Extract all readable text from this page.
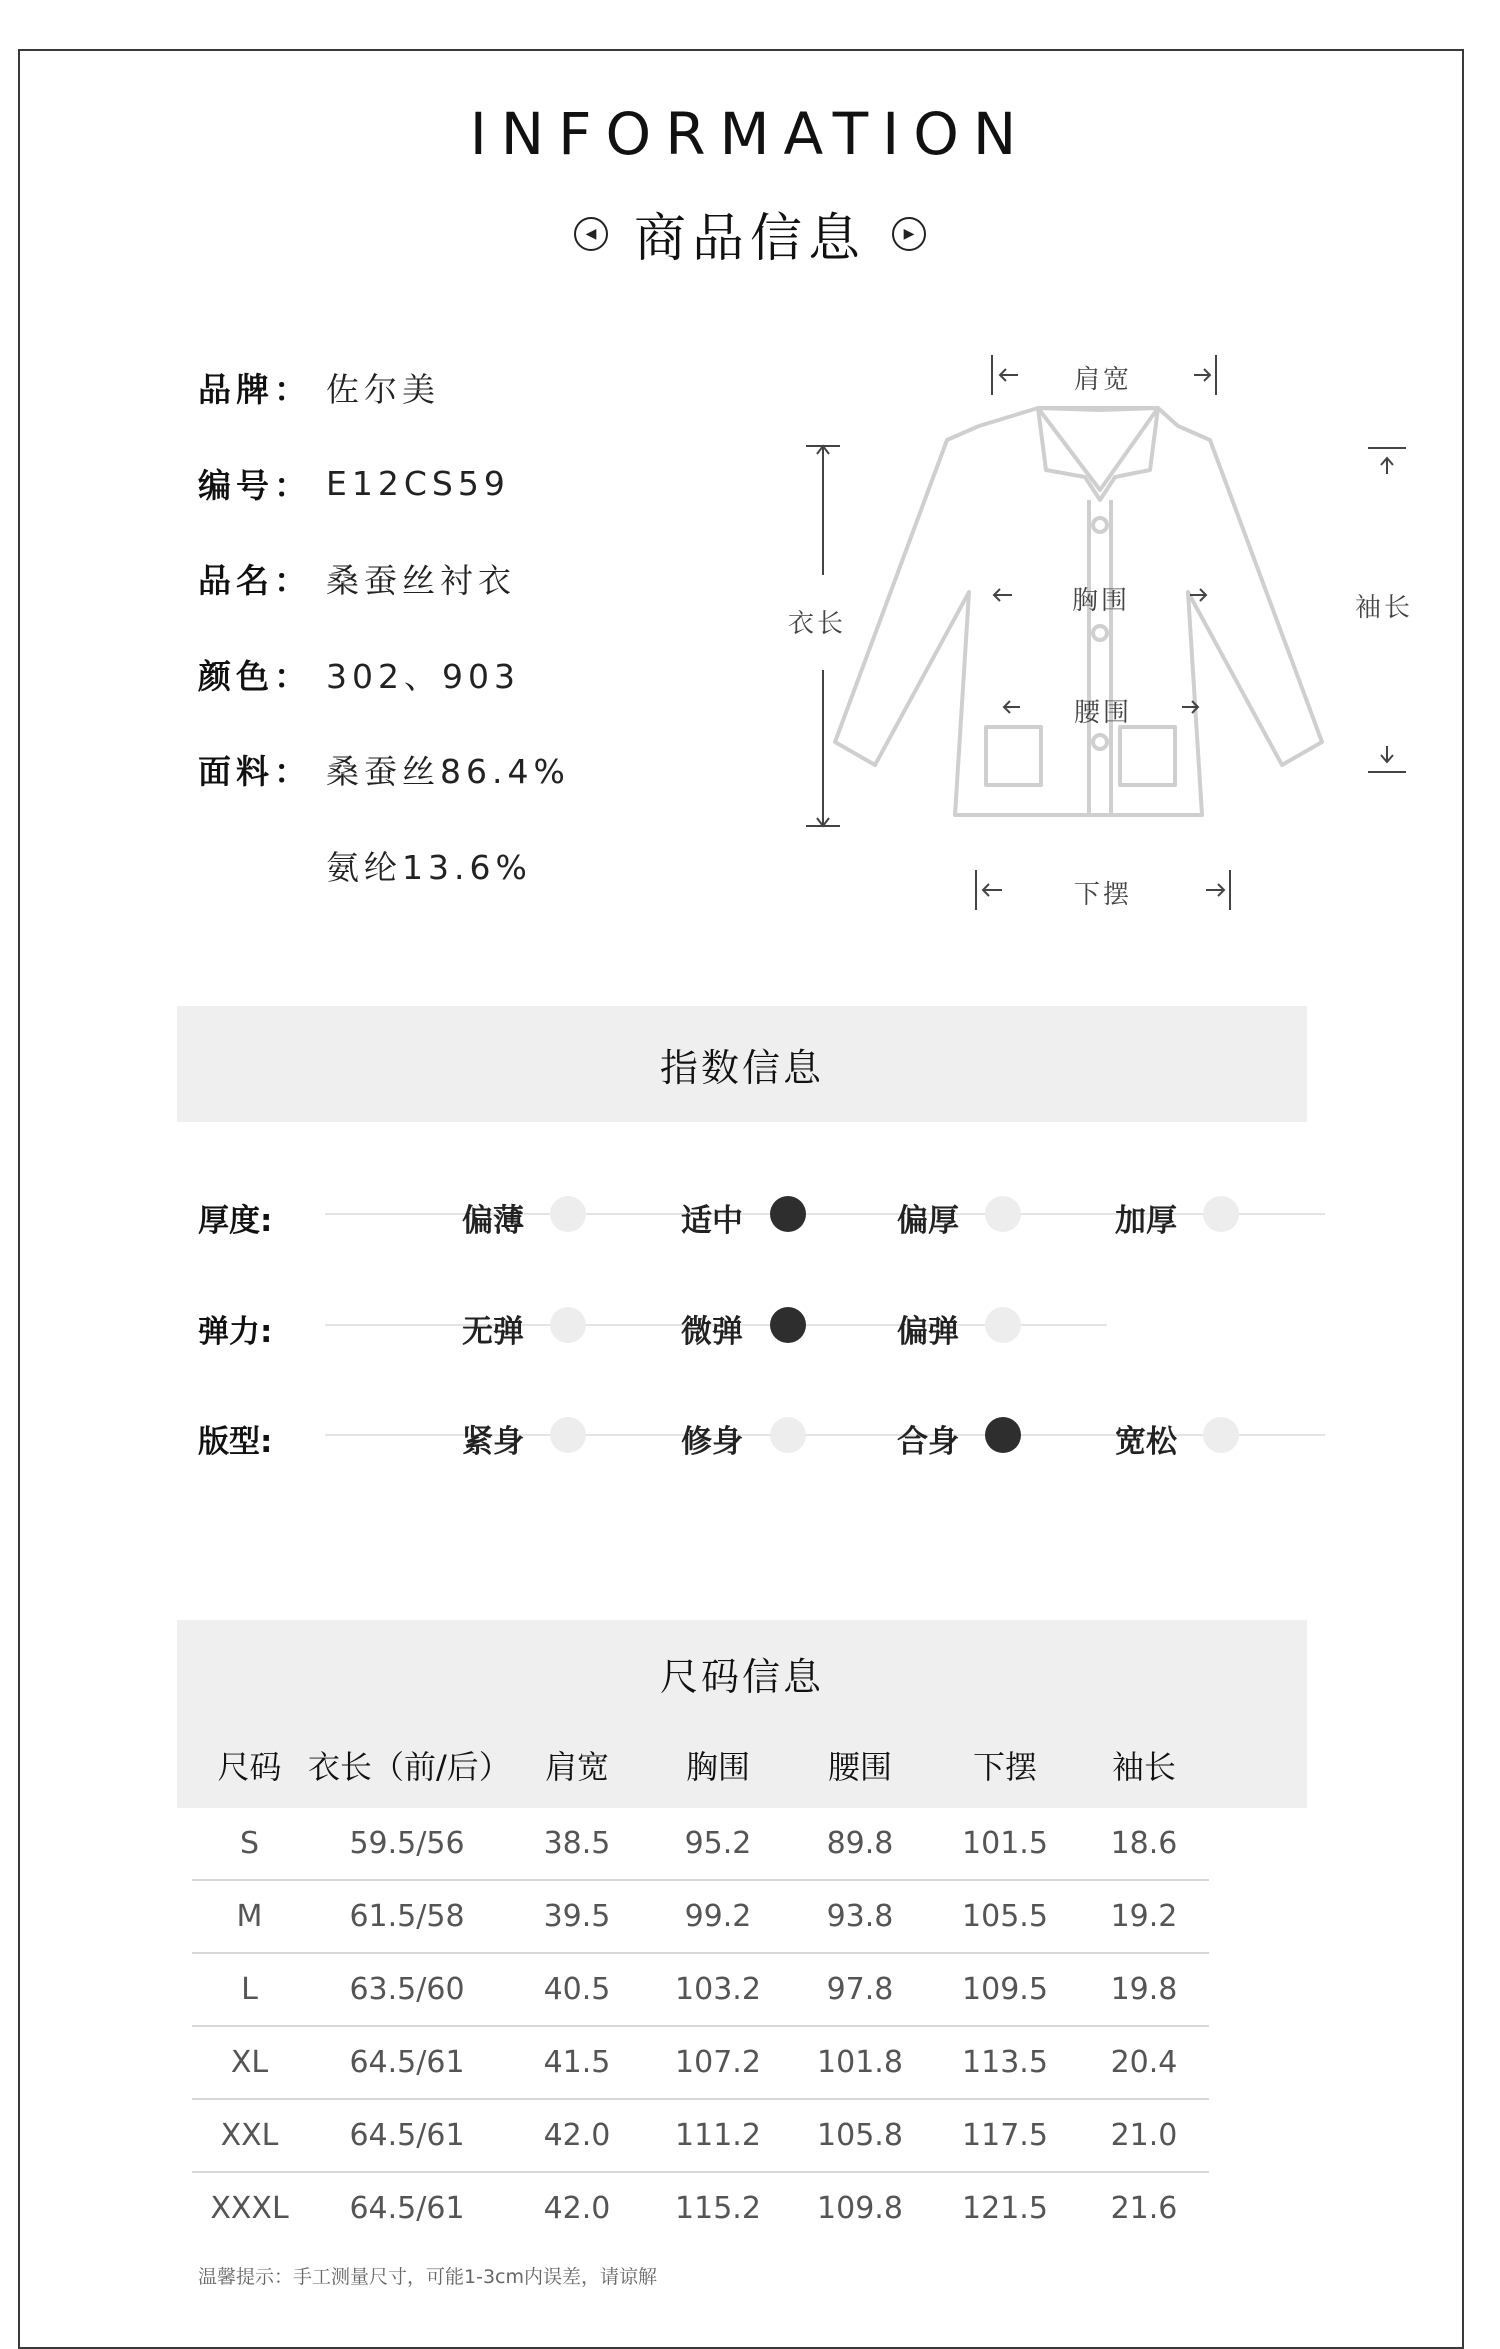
INFORMATION
◀ 商品信息	▶
品牌： 佐尔美
编号： E12CS59
品名： 桑蚕丝衬衣
颜色： 302、903
面料： 桑蚕丝86.4%
氨纶13.6%
肩宽
衣长
胸围
腰围
袖长
下摆
指数信息
厚度:	偏薄	适中	偏厚	加厚
弹力:	无弹	微弹	偏弹
版型:	紧身	修身	合身	宽松
尺码信息
	尺码	衣长（前/后）	肩宽	胸围	腰围	下摆	袖长	
	S	59.5/56	38.5	95.2	89.8	101.5	18.6	
	M	61.5/58	39.5	99.2	93.8	105.5	19.2	
	L	63.5/60	40.5	103.2	97.8	109.5	19.8	
	XL	64.5/61	41.5	107.2	101.8	113.5	20.4	
	XXL	64.5/61	42.0	111.2	105.8	117.5	21.0	
	XXXL	64.5/61	42.0	115.2	109.8	121.5	21.6	
温馨提示：手工测量尺寸，可能1-3cm内误差，请谅解
